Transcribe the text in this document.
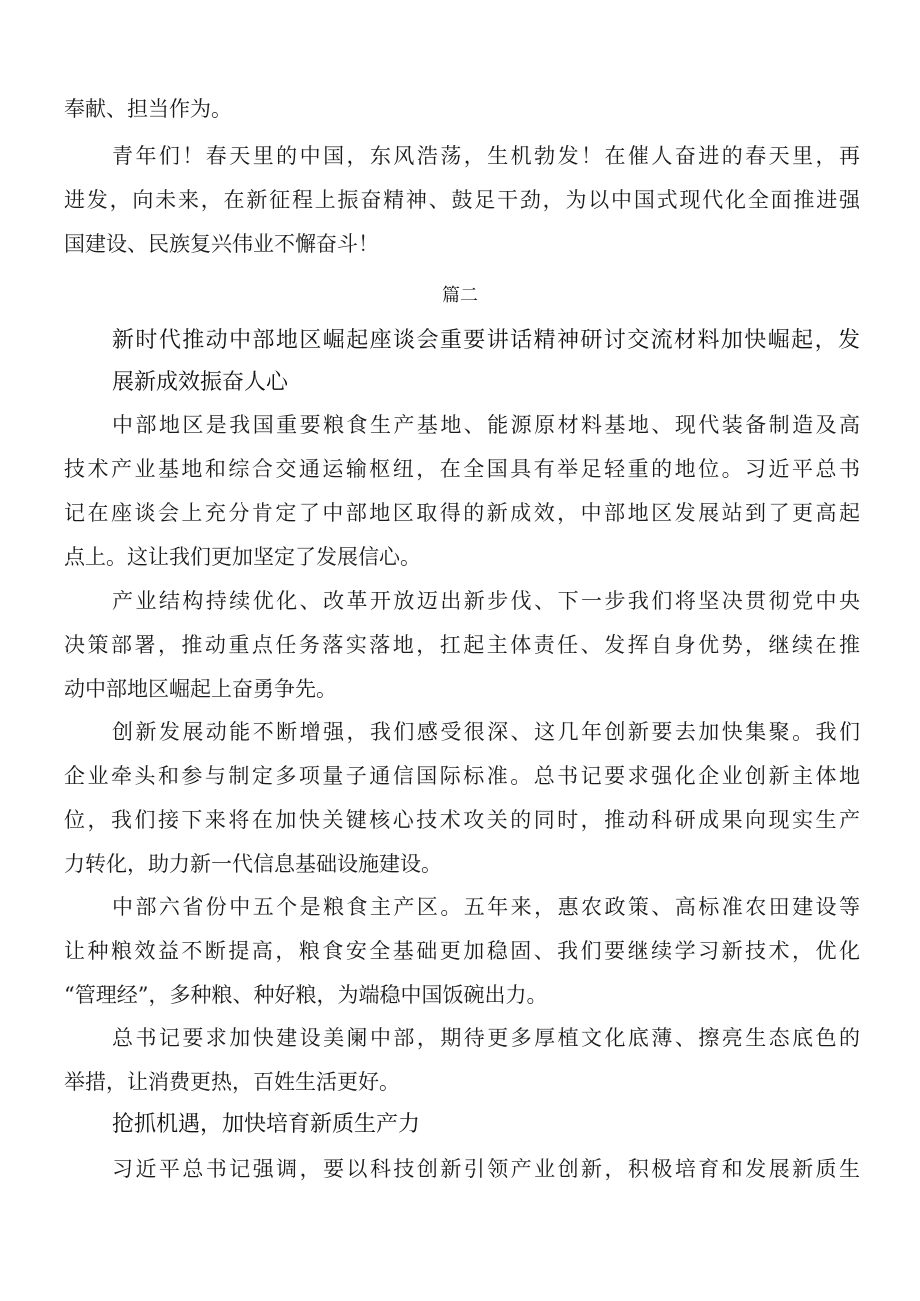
奉献、担当作为。
青年们！春天里的中国，东风浩荡，生机勃发！在催人奋进的春天里，再
进发，向未来，在新征程上振奋精神、鼓足干劲，为以中国式现代化全面推进强
国建设、民族复兴伟业不懈奋斗！
篇二
新时代推动中部地区崛起座谈会重要讲话精神研讨交流材料加快崛起，发
展新成效振奋人心
中部地区是我国重要粮食生产基地、能源原材料基地、现代装备制造及高
技术产业基地和综合交通运输枢纽，在全国具有举足轻重的地位。习近平总书
记在座谈会上充分肯定了中部地区取得的新成效，中部地区发展站到了更高起
点上。这让我们更加坚定了发展信心。
产业结构持续优化、改革开放迈出新步伐、下一步我们将坚决贯彻党中央
决策部署，推动重点任务落实落地，扛起主体责任、发挥自身优势，继续在推
动中部地区崛起上奋勇争先。
创新发展动能不断增强，我们感受很深、这几年创新要去加快集聚。我们
企业牵头和参与制定多项量子通信国际标准。总书记要求强化企业创新主体地
位，我们接下来将在加快关键核心技术攻关的同时，推动科研成果向现实生产
力转化，助力新一代信息基础设施建设。
中部六省份中五个是粮食主产区。五年来，惠农政策、高标准农田建设等
让种粮效益不断提高，粮食安全基础更加稳固、我们要继续学习新技术，优化
“管理经”，多种粮、种好粮，为端稳中国饭碗出力。
总书记要求加快建设美阑中部，期待更多厚植文化底薄、擦亮生态底色的
举措，让消费更热，百姓生活更好。
抢抓机遇，加快培育新质生产力
习近平总书记强调，要以科技创新引领产业创新，积极培育和发展新质生
